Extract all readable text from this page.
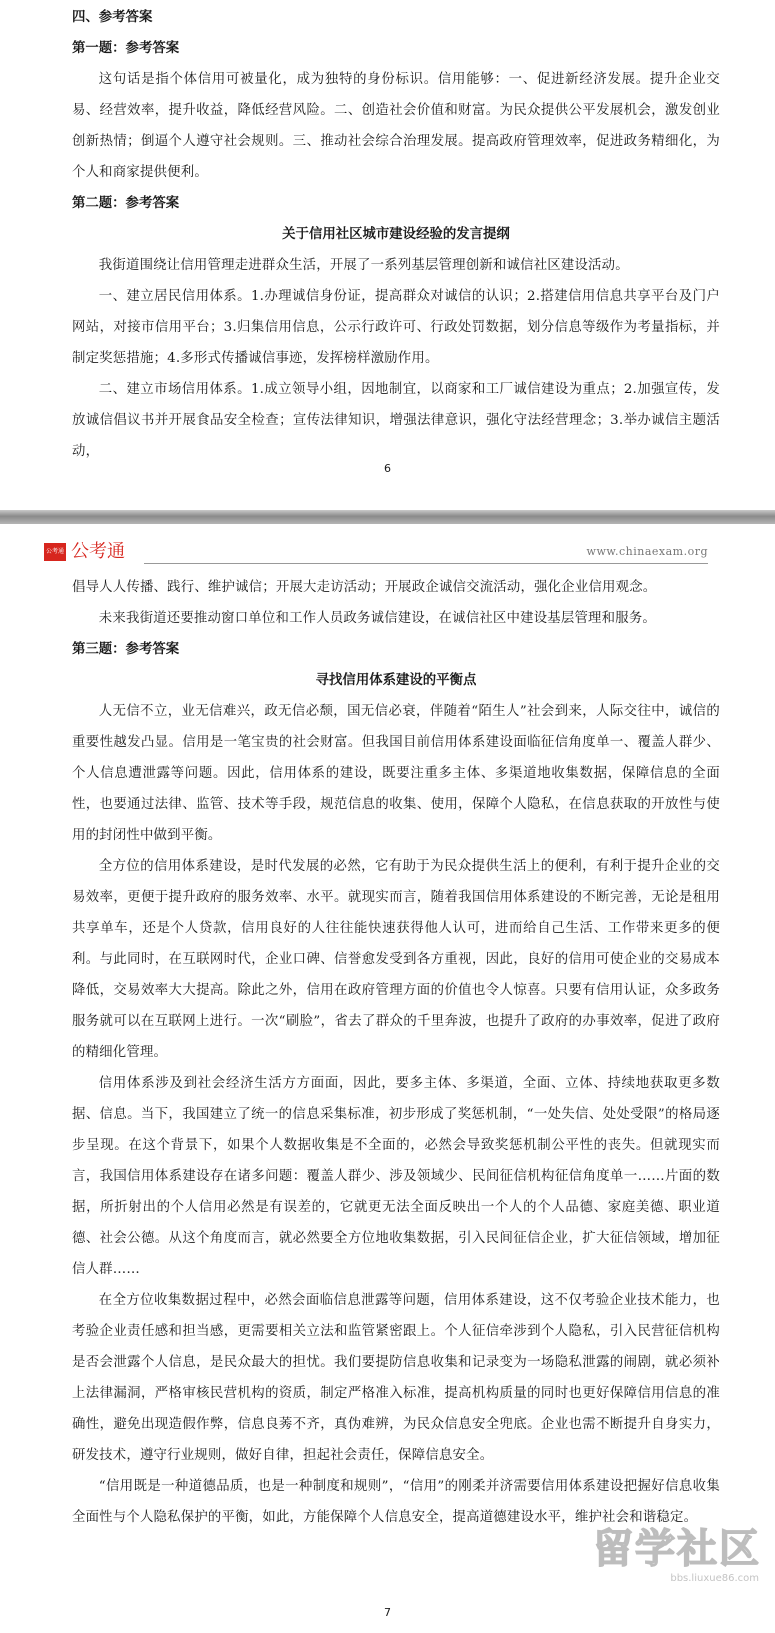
四、参考答案
第一题：参考答案

这句话是指个体信用可被量化，成为独特的身份标识。信用能够：一、促进新经济发展。提升企业交易、经营效率，提升收益，降低经营风险。二、创造社会价值和财富。为民众提供公平发展机会，激发创业创新热情；倒逼个人遵守社会规则。三、推动社会综合治理发展。提高政府管理效率，促进政务精细化，为个人和商家提供便利。

第二题：参考答案
关于信用社区城市建设经验的发言提纲

我街道围绕让信用管理走进群众生活，开展了一系列基层管理创新和诚信社区建设活动。

一、建立居民信用体系。1.办理诚信身份证，提高群众对诚信的认识；2.搭建信用信息共享平台及门户网站，对接市信用平台；3.归集信用信息，公示行政许可、行政处罚数据，划分信息等级作为考量指标，并制定奖惩措施；4.多形式传播诚信事迹，发挥榜样激励作用。

二、建立市场信用体系。1.成立领导小组，因地制宜，以商家和工厂诚信建设为重点；2.加强宣传，发放诚信倡议书并开展食品安全检查；宣传法律知识，增强法律意识，强化守法经营理念；3.举办诚信主题活动，

6
公考通 公考通	www.chinaexam.org

倡导人人传播、践行、维护诚信；开展大走访活动；开展政企诚信交流活动，强化企业信用观念。

未来我街道还要推动窗口单位和工作人员政务诚信建设，在诚信社区中建设基层管理和服务。

第三题：参考答案
寻找信用体系建设的平衡点

人无信不立，业无信难兴，政无信必颓，国无信必衰，伴随着“陌生人”社会到来，人际交往中，诚信的重要性越发凸显。信用是一笔宝贵的社会财富。但我国目前信用体系建设面临征信角度单一、覆盖人群少、个人信息遭泄露等问题。因此，信用体系的建设，既要注重多主体、多渠道地收集数据，保障信息的全面性，也要通过法律、监管、技术等手段，规范信息的收集、使用，保障个人隐私，在信息获取的开放性与使用的封闭性中做到平衡。

全方位的信用体系建设，是时代发展的必然，它有助于为民众提供生活上的便利，有利于提升企业的交易效率，更便于提升政府的服务效率、水平。就现实而言，随着我国信用体系建设的不断完善，无论是租用共享单车，还是个人贷款，信用良好的人往往能快速获得他人认可，进而给自己生活、工作带来更多的便利。与此同时，在互联网时代，企业口碑、信誉愈发受到各方重视，因此，良好的信用可使企业的交易成本降低，交易效率大大提高。除此之外，信用在政府管理方面的价值也令人惊喜。只要有信用认证，众多政务服务就可以在互联网上进行。一次“刷脸”，省去了群众的千里奔波，也提升了政府的办事效率，促进了政府的精细化管理。

信用体系涉及到社会经济生活方方面面，因此，要多主体、多渠道，全面、立体、持续地获取更多数据、信息。当下，我国建立了统一的信息采集标准，初步形成了奖惩机制，“一处失信、处处受限”的格局逐步呈现。在这个背景下，如果个人数据收集是不全面的，必然会导致奖惩机制公平性的丧失。但就现实而言，我国信用体系建设存在诸多问题：覆盖人群少、涉及领域少、民间征信机构征信角度单一……片面的数据，所折射出的个人信用必然是有误差的，它就更无法全面反映出一个人的个人品德、家庭美德、职业道德、社会公德。从这个角度而言，就必然要全方位地收集数据，引入民间征信企业，扩大征信领域，增加征信人群……

在全方位收集数据过程中，必然会面临信息泄露等问题，信用体系建设，这不仅考验企业技术能力，也考验企业责任感和担当感，更需要相关立法和监管紧密跟上。个人征信牵涉到个人隐私，引入民营征信机构是否会泄露个人信息，是民众最大的担忧。我们要提防信息收集和记录变为一场隐私泄露的闹剧，就必须补上法律漏洞，严格审核民营机构的资质，制定严格准入标准，提高机构质量的同时也更好保障信用信息的准确性，避免出现造假作弊，信息良莠不齐，真伪难辨，为民众信息安全兜底。企业也需不断提升自身实力，研发技术，遵守行业规则，做好自律，担起社会责任，保障信息安全。

“信用既是一种道德品质，也是一种制度和规则”，“信用”的刚柔并济需要信用体系建设把握好信息收集全面性与个人隐私保护的平衡，如此，方能保障个人信息安全，提高道德建设水平，维护社会和谐稳定。

留学社区
bbs.liuxue86.com
7
